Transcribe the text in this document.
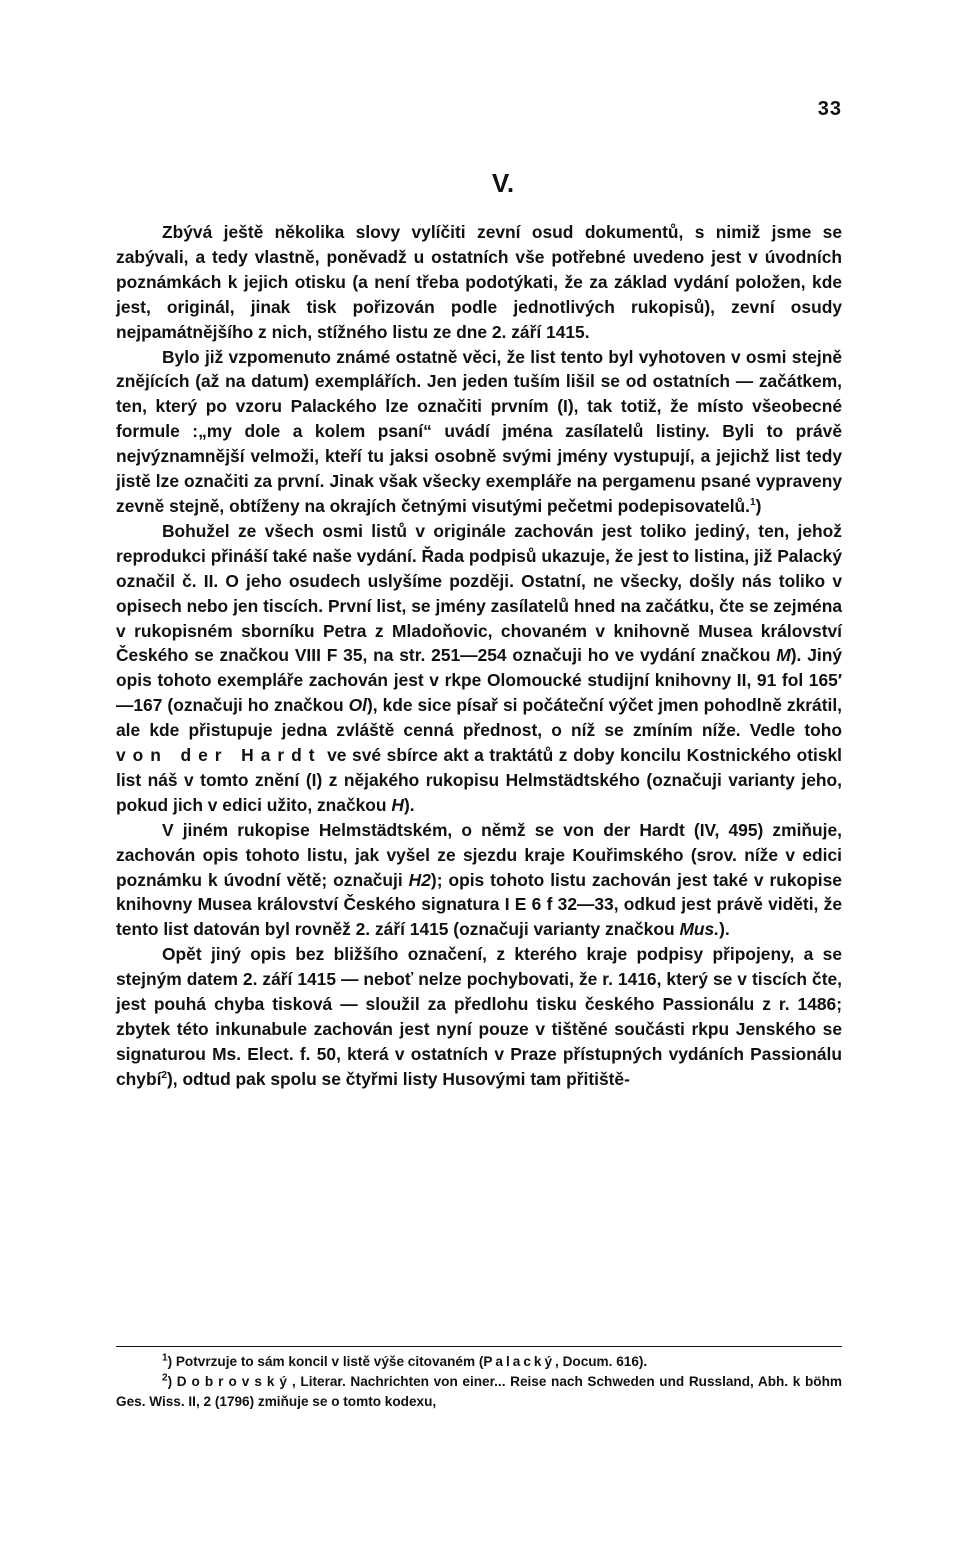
33
V.

Zbývá ještě několika slovy vylíčiti zevní osud dokumentů, s nimiž jsme se zabývali, a tedy vlastně, poněvadž u ostatních vše potřebné uvedeno jest v úvodních poznámkách k jejich otisku (a není třeba podotýkati, že za základ vydání položen, kde jest, originál, jinak tisk pořizován podle jednotlivých rukopisů), zevní osudy nejpamátnějšího z nich, stížného listu ze dne 2. září 1415.

Bylo již vzpomenuto známé ostatně věci, že list tento byl vyhotoven v osmi stejně znějících (až na datum) exemplářích. Jen jeden tuším lišil se od ostatních — začátkem, ten, který po vzoru Palackého lze označiti prvním (I), tak totiž, že místo všeobecné formule :„my dole a kolem psaní“ uvádí jména zasílatelů listiny. Byli to právě nejvýznamnější velmoži, kteří tu jaksi osobně svými jmény vystupují, a jejichž list tedy jistě lze označiti za první. Jinak však všecky exempláře na pergamenu psané vypraveny zevně stejně, obtíženy na okrajích četnými visutými pečetmi podepisovatelů.$^1$)

Bohužel ze všech osmi listů v originále zachován jest toliko jediný, ten, jehož reprodukci přináší také naše vydání. Řada podpisů ukazuje, že jest to listina, již Palacký označil č. II. O jeho osudech uslyšíme později. Ostatní, ne všecky, došly nás toliko v opisech nebo jen tiscích. První list, se jmény zasílatelů hned na začátku, čte se zejména v rukopisném sborníku Petra z Mladoňovic, chovaném v knihovně Musea království Českého se značkou VIII F 35, na str. 251—254 označuji ho ve vydání značkou M). Jiný opis tohoto exempláře zachován jest v rkpe Olomoucké studijní knihovny II, 91 fol 165′—167 (označuji ho značkou Ol), kde sice písař si počáteční výčet jmen pohodlně zkrátil, ale kde přistupuje jedna zvláště cenná přednost, o níž se zmíním níže. Vedle toho von der Hardt ve své sbírce akt a traktátů z doby koncilu Kostnického otiskl list náš v tomto znění (I) z nějakého rukopisu Helmstädtského (označuji varianty jeho, pokud jich v edici užito, značkou H).

V jiném rukopise Helmstädtském, o němž se von der Hardt (IV, 495) zmiňuje, zachován opis tohoto listu, jak vyšel ze sjezdu kraje Kouřimského (srov. níže v edici poznámku k úvodní větě; označuji H2); opis tohoto listu zachován jest také v rukopise knihovny Musea království Českého signatura I E 6 f 32—33, odkud jest právě viděti, že tento list datován byl rovněž 2. září 1415 (označuji varianty značkou Mus.).

Opět jiný opis bez bližšího označení, z kterého kraje podpisy připojeny, a se stejným datem 2. září 1415 — neboť nelze pochybovati, že r. 1416, který se v tiscích čte, jest pouhá chyba tisková — sloužil za předlohu tisku českého Passionálu z r. 1486; zbytek této inkunabule zachován jest nyní pouze v tištěné součásti rkpu Jenského se signaturou Ms. Elect. f. 50, která v ostatních v Praze přístupných vydáních Passionálu chybí$^2$), odtud pak spolu se čtyřmi listy Husovými tam přitiště-

$^1$) Potvrzuje to sám koncil v listě výše citovaném (Palacký, Docum. 616).

$^2$) Dobrovský, Literar. Nachrichten von einer... Reise nach Schweden und Russland, Abh. k böhm Ges. Wiss. II, 2 (1796) zmiňuje se o tomto kodexu,
